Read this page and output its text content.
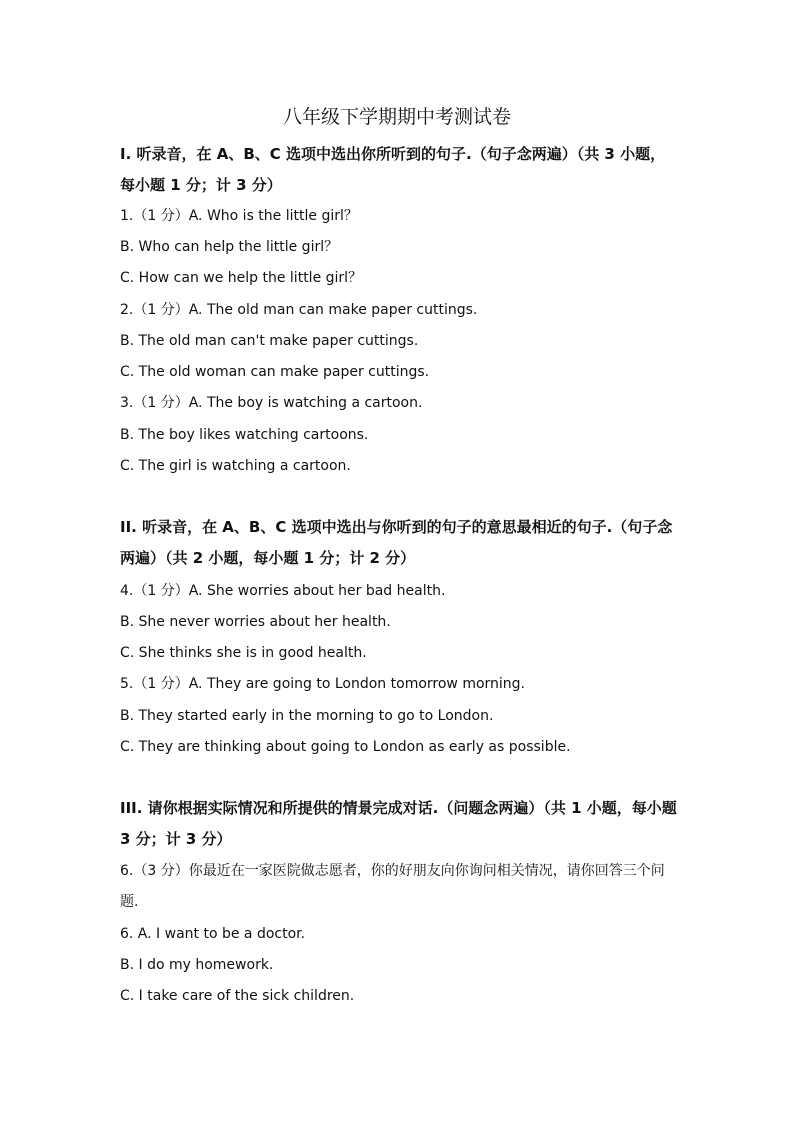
八年级下学期期中考测试卷

I. 听录音，在 A、B、C 选项中选出你所听到的句子.（句子念两遍）（共 3 小题，每小题 1 分；计 3 分）

1.（1 分）A. Who is the little girl？

B. Who can help the little girl？

C. How can we help the little girl？

2.（1 分）A. The old man can make paper cuttings.

B. The old man can't make paper cuttings.

C. The old woman can make paper cuttings.

3.（1 分）A. The boy is watching a cartoon.

B. The boy likes watching cartoons.

C. The girl is watching a cartoon.

II. 听录音，在 A、B、C 选项中选出与你听到的句子的意思最相近的句子.（句子念两遍）（共 2 小题，每小题 1 分；计 2 分）

4.（1 分）A. She worries about her bad health.

B. She never worries about her health.

C. She thinks she is in good health.

5.（1 分）A. They are going to London tomorrow morning.

B. They started early in the morning to go to London.

C. They are thinking about going to London as early as possible.

III. 请你根据实际情况和所提供的情景完成对话.（问题念两遍）（共 1 小题，每小题 3 分；计 3 分）

6.（3 分）你最近在一家医院做志愿者，你的好朋友向你询问相关情况，请你回答三个问题.

6. A. I want to be a doctor.

B. I do my homework.

C. I take care of the sick children.
